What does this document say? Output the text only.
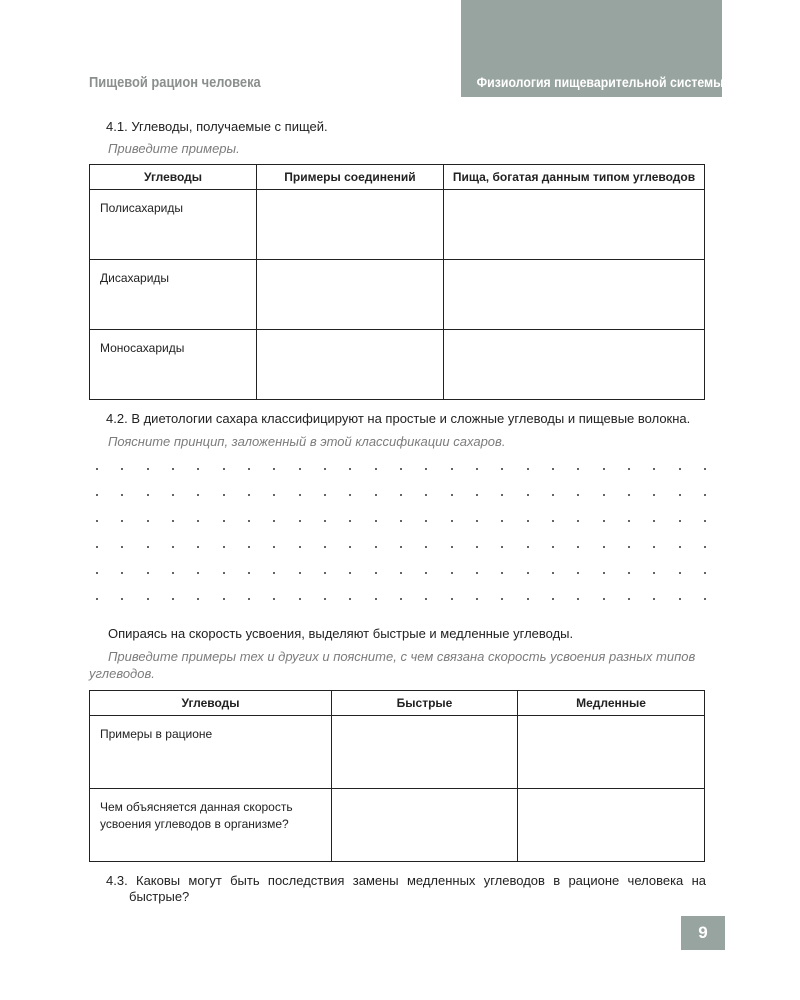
Физиология пищеварительной системы
Пищевой рацион человека
4.1. Углеводы, получаемые с пищей.
Приведите примеры.
Углеводы	Примеры соединений	Пища, богатая данным типом углеводов
Полисахариды		
Дисахариды		
Моносахариды		
4.2. В диетологии сахара классифицируют на простые и сложные углеводы и пищевые волокна.
Поясните принцип, заложенный в этой классификации сахаров.
Опираясь на скорость усвоения, выделяют быстрые и медленные углеводы.
Приведите примеры тех и других и поясните, с чем связана скорость усвоения разных типов
углеводов.
Углеводы	Быстрые	Медленные
Примеры в рационе		

Чем объясняется данная скорость
усвоения углеводов в организме?		

4.3. Каковы могут быть последствия замены медленных углеводов в рационе человека на
быстрые?
9
